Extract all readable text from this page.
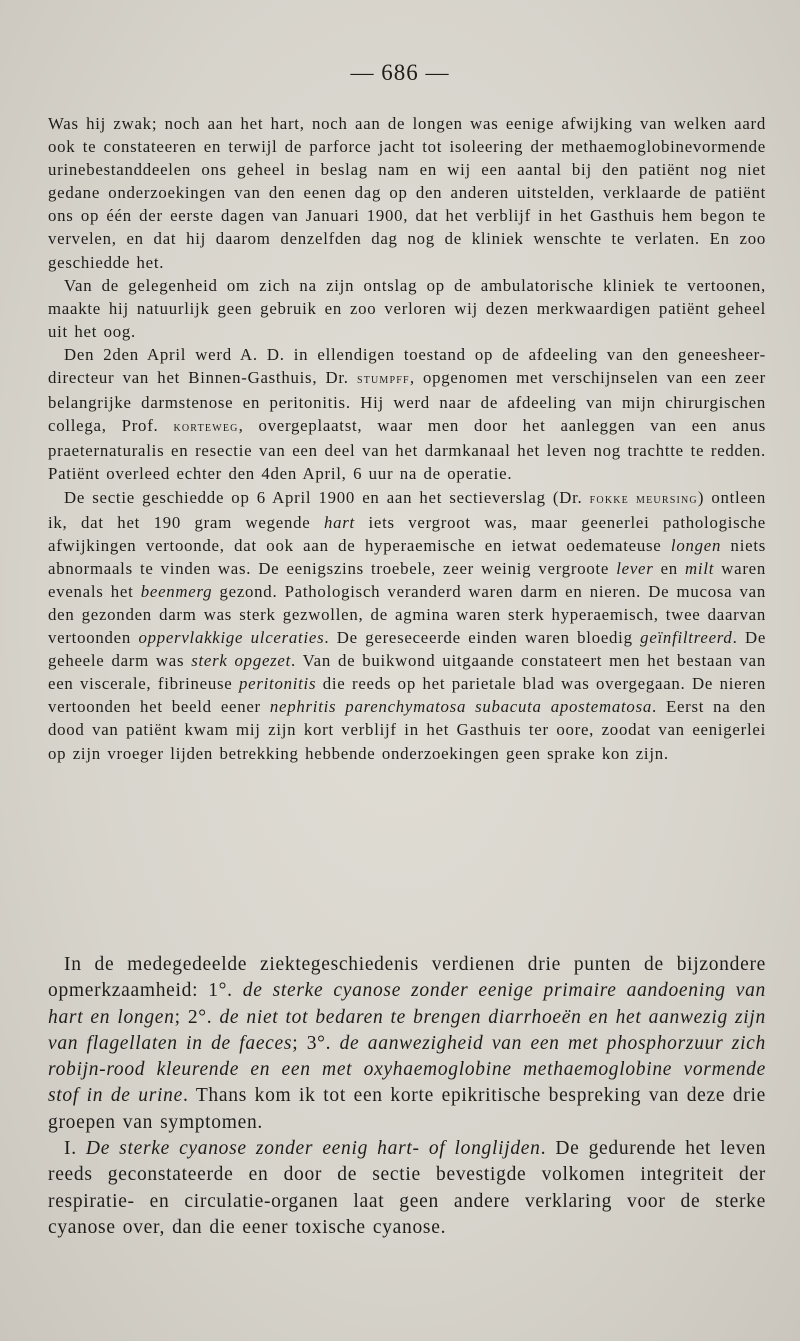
— 686 —

Was hij zwak; noch aan het hart, noch aan de longen was eenige afwijking van welken aard ook te constateeren en terwijl de parforce jacht tot isoleering der methaemoglobinevormende urinebestanddeelen ons geheel in beslag nam en wij een aantal bij den patiënt nog niet gedane onderzoekingen van den eenen dag op den anderen uitstelden, verklaarde de patiënt ons op één der eerste dagen van Januari 1900, dat het verblijf in het Gasthuis hem begon te vervelen, en dat hij daarom denzelfden dag nog de kliniek wenschte te verlaten. En zoo geschiedde het.

Van de gelegenheid om zich na zijn ontslag op de ambulatorische kliniek te vertoonen, maakte hij natuurlijk geen gebruik en zoo verloren wij dezen merkwaardigen patiënt geheel uit het oog.

Den 2den April werd A. D. in ellendigen toestand op de afdeeling van den geneesheer-directeur van het Binnen-Gasthuis, Dr. stumpff, opgenomen met verschijnselen van een zeer belangrijke darmstenose en peritonitis. Hij werd naar de afdeeling van mijn chirurgischen collega, Prof. korteweg, overgeplaatst, waar men door het aanleggen van een anus praeternaturalis en resectie van een deel van het darmkanaal het leven nog trachtte te redden. Patiënt overleed echter den 4den April, 6 uur na de operatie.

De sectie geschiedde op 6 April 1900 en aan het sectieverslag (Dr. fokke meursing) ontleen ik, dat het 190 gram wegende hart iets vergroot was, maar geenerlei pathologische afwijkingen vertoonde, dat ook aan de hyperaemische en ietwat oedemateuse longen niets abnormaals te vinden was. De eenigszins troebele, zeer weinig vergroote lever en milt waren evenals het beenmerg gezond. Pathologisch veranderd waren darm en nieren. De mucosa van den gezonden darm was sterk gezwollen, de agmina waren sterk hyperaemisch, twee daarvan vertoonden oppervlakkige ulceraties. De gereseceerde einden waren bloedig geïnfiltreerd. De geheele darm was sterk opgezet. Van de buikwond uitgaande constateert men het bestaan van een viscerale, fibrineuse peritonitis die reeds op het parietale blad was overgegaan. De nieren vertoonden het beeld eener nephritis parenchymatosa subacuta apostematosa. Eerst na den dood van patiënt kwam mij zijn kort verblijf in het Gasthuis ter oore, zoodat van eenigerlei op zijn vroeger lijden betrekking hebbende onderzoekingen geen sprake kon zijn.

In de medegedeelde ziektegeschiedenis verdienen drie punten de bijzondere opmerkzaamheid: 1°. de sterke cyanose zonder eenige primaire aandoening van hart en longen; 2°. de niet tot bedaren te brengen diarrhoeën en het aanwezig zijn van flagellaten in de faeces; 3°. de aanwezigheid van een met phosphorzuur zich robijn-rood kleurende en een met oxyhaemoglobine methaemoglobine vormende stof in de urine. Thans kom ik tot een korte epikritische bespreking van deze drie groepen van symptomen.

I. De sterke cyanose zonder eenig hart- of longlijden. De gedurende het leven reeds geconstateerde en door de sectie bevestigde volkomen integriteit der respiratie- en circulatie-organen laat geen andere verklaring voor de sterke cyanose over, dan die eener toxische cyanose.
